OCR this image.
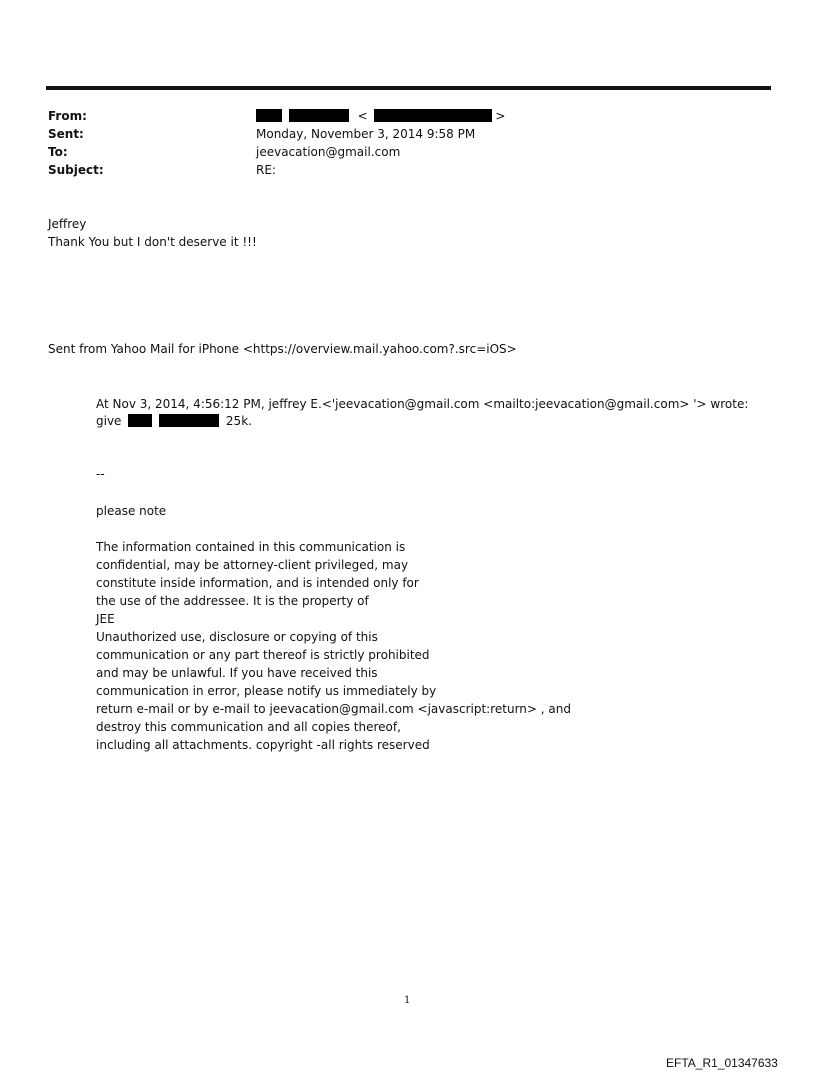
From:	<	>
Sent:	Monday, November 3, 2014 9:58 PM
To:	jeevacation@gmail.com
Subject:	RE:
Jeffrey
Thank You but I don't deserve it !!!
Sent from Yahoo Mail for iPhone <https://overview.mail.yahoo.com?.src=iOS>
At Nov 3, 2014, 4:56:12 PM, jeffrey E.<'jeevacation@gmail.com <mailto:jeevacation@gmail.com> '> wrote:
give	25k.
--
please note
The information contained in this communication is
confidential, may be attorney-client privileged, may
constitute inside information, and is intended only for
the use of the addressee. It is the property of
JEE
Unauthorized use, disclosure or copying of this
communication or any part thereof is strictly prohibited
and may be unlawful. If you have received this
communication in error, please notify us immediately by
return e-mail or by e-mail to jeevacation@gmail.com <javascript:return> , and
destroy this communication and all copies thereof,
including all attachments. copyright -all rights reserved
1
EFTA_R1_01347633
